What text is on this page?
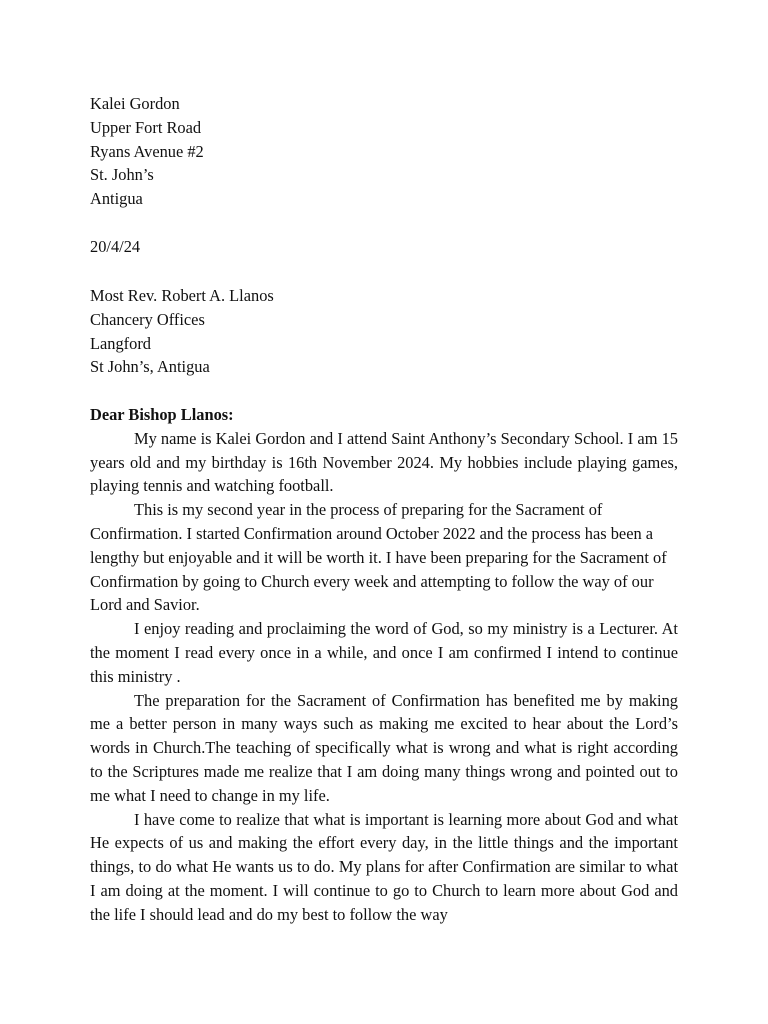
Kalei Gordon
Upper Fort Road
Ryans Avenue #2
St. John’s
Antigua
20/4/24
Most Rev. Robert A. Llanos
Chancery Offices
Langford
St John’s, Antigua
Dear Bishop Llanos:

My name is Kalei Gordon and I attend Saint Anthony’s Secondary School. I am 15 years old and my birthday is 16th November 2024. My hobbies include playing games, playing tennis and watching football.

This is my second year in the process of preparing for the Sacrament of Confirmation. I started Confirmation around October 2022 and the process has been a lengthy but enjoyable and it will be worth it. I have been preparing for the Sacrament of Confirmation by going to Church every week and attempting to follow the way of our Lord and Savior.

I enjoy reading and proclaiming the word of God, so my ministry is a Lecturer. At the moment I read every once in a while, and once I am confirmed I intend to continue this ministry .

The preparation for the Sacrament of Confirmation has benefited me by making me a better person in many ways such as making me excited to hear about the Lord’s words in Church.The teaching of specifically what is wrong and what is right according to the Scriptures made me realize that I am doing many things wrong and pointed out to me what I need to change in my life.

I have come to realize that what is important is learning more about God and what He expects of us and making the effort every day, in the little things and the important things, to do what He wants us to do. My plans for after Confirmation are similar to what I am doing at the moment. I will continue to go to Church to learn more about God and the life I should lead and do my best to follow the way
